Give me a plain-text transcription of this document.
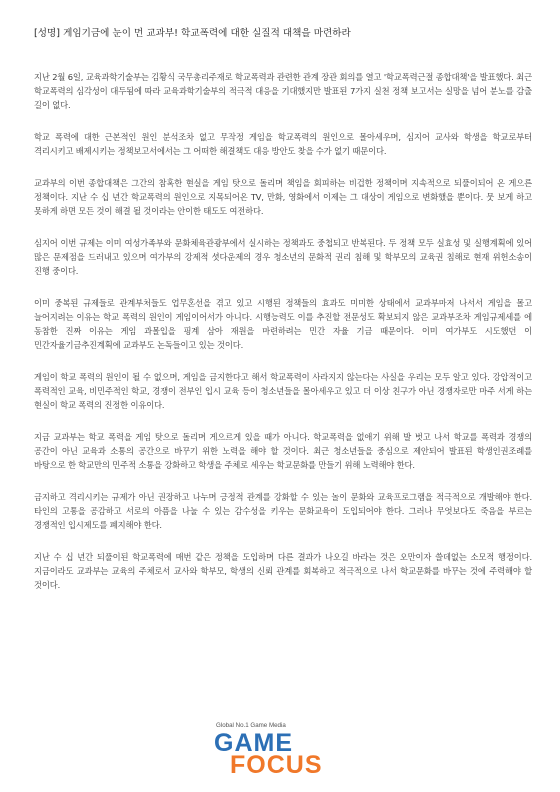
[성명] 게임기금에 눈이 먼 교과부! 학교폭력에 대한 실질적 대책을 마련하라

지난 2월 6일, 교육과학기술부는 김황식 국무총리주재로 학교폭력과 관련한 관계 장관 회의를 열고 '학교폭력근절 종합대책'을 발표했다. 최근 학교폭력의 심각성이 대두됨에 따라 교육과학기술부의 적극적 대응을 기대했지만 발표된 7가지 실천 정책 보고서는 실망을 넘어 분노를 감출 길이 없다.

학교 폭력에 대한 근본적인 원인 분석조차 없고 무작정 게임을 학교폭력의 원인으로 몰아세우며, 심지어 교사와 학생을 학교로부터 격리시키고 배제시키는 정책보고서에서는 그 어떠한 해결책도 대응 방안도 찾을 수가 없기 때문이다.

교과부의 이번 종합대책은 그간의 참혹한 현실을 게임 탓으로 돌리며 책임을 회피하는 비겁한 정책이며 지속적으로 되풀이되어 온 게으른 정책이다. 지난 수 십 년간 학교폭력의 원인으로 지목되어온 TV, 만화, 영화에서 이제는 그 대상이 게임으로 변화했을 뿐이다. 뭇 보게 하고 못하게 하면 모든 것이 해결 될 것이라는 안이한 태도도 여전하다.

심지어 이번 규제는 이미 여성가족부와 문화체육관광부에서 실시하는 정책과도 중첩되고 반복된다. 두 정책 모두 실효성 및 실행계획에 있어 많은 문제점을 드러내고 있으며 여가부의 강제적 셧다운제의 경우 청소년의 문화적 권리 침해 및 학부모의 교육권 침해로 현재 위헌소송이 진행 중이다.

이미 중복된 규제들로 관계부처들도 업무혼선을 겪고 있고 시행된 정책들의 효과도 미미한 상태에서 교과부마저 나서서 게임을 몰고 늘어지려는 이유는 학교 폭력의 원인이 게임이어서가 아니다. 시행능력도 이를 추진할 전문성도 확보되지 않은 교과부조차 게임규제세를 에 동참한 진짜 이유는 게임 과몰입을 핑계 삼아 재원을 마련하려는 민간 자율 기금 때문이다. 이미 여가부도 시도했던 이 민간자율기금추진계획에 교과부도 논독들이고 있는 것이다.

게임이 학교 폭력의 원인이 될 수 없으며, 게임을 금지한다고 해서 학교폭력이 사라지지 않는다는 사실을 우리는 모두 알고 있다. 강압적이고 폭력적인 교육, 비민주적인 학교, 경쟁이 전부인 입시 교육 등이 청소년들을 몰아세우고 있고 더 이상 친구가 아닌 경쟁자로만 마주 서게 하는 현실이 학교 폭력의 진정한 이유이다.

지금 교과부는 학교 폭력을 게임 탓으로 돌리며 게으르게 있을 때가 아니다. 학교폭력을 없애기 위해 발 벗고 나서 학교를 폭력과 경쟁의 공간이 아닌 교육과 소통의 공간으로 바꾸기 위한 노력을 해야 할 것이다. 최근 청소년들을 중심으로 제안되어 발표된 학생인권조례를 바탕으로 한 학교만의 민주적 소통을 강화하고 학생을 주체로 세우는 학교문화를 만들기 위해 노력해야 한다.

금지하고 격리시키는 규제가 아닌 권장하고 나누며 긍정적 관계를 강화할 수 있는 놀이 문화와 교육프로그램을 적극적으로 개발해야 한다. 타인의 고통을 공감하고 서로의 아픔을 나눌 수 있는 감수성을 키우는 문화교육이 도입되어야 한다. 그러나 무엇보다도 죽음을 부르는 경쟁적인 입시제도를 폐지해야 한다.

지난 수 십 년간 되풀이된 학교폭력에 매번 같은 정책을 도입하며 다른 결과가 나오길 바라는 것은 오만이자 쓸데없는 소모적 행정이다. 지금이라도 교과부는 교육의 주체로서 교사와 학부모, 학생의 신뢰 관계를 회복하고 적극적으로 나서 학교문화를 바꾸는 것에 주력해야 할 것이다.

Global No.1 Game Media
GAME
FOCUS
